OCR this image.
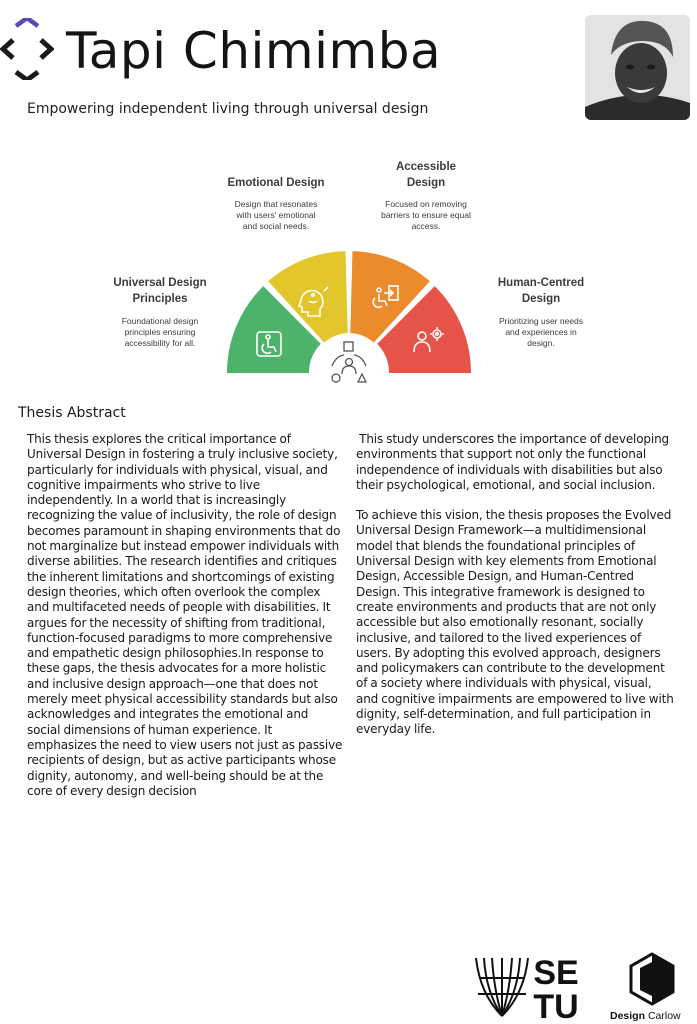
Tapi Chimimba
Empowering independent living through universal design
Universal Design
Principles
Foundational design
principles ensuring
accessibility for all.
Emotional Design
Design that resonates
with users' emotional
and social needs.
Accessible
Design
Focused on removing
barriers to ensure equal
access.
Human-Centred
Design
Prioritizing user needs
and experiences in
design.
Thesis Abstract

This thesis explores the critical importance of Universal Design in fostering a truly inclusive society, particularly for individuals with physical, visual, and cognitive impairments who strive to live independently. In a world that is increasingly recognizing the value of inclusivity, the role of design becomes paramount in shaping environments that do not marginalize but instead empower individuals with diverse abilities. The research identifies and critiques the inherent limitations and shortcomings of existing design theories, which often overlook the complex and multifaceted needs of people with disabilities. It argues for the necessity of shifting from traditional, function-focused paradigms to more comprehensive and empathetic design philosophies.In response to these gaps, the thesis advocates for a more holistic and inclusive design approach—one that does not merely meet physical accessibility standards but also acknowledges and integrates the emotional and social dimensions of human experience. It emphasizes the need to view users not just as passive recipients of design, but as active participants whose dignity, autonomy, and well-being should be at the core of every design decision

This study underscores the importance of developing environments that support not only the functional independence of individuals with disabilities but also their psychological, emotional, and social inclusion.

To achieve this vision, the thesis proposes the Evolved Universal Design Framework—a multidimensional model that blends the foundational principles of Universal Design with key elements from Emotional Design, Accessible Design, and Human-Centred Design. This integrative framework is designed to create environments and products that are not only accessible but also emotionally resonant, socially inclusive, and tailored to the lived experiences of users. By adopting this evolved approach, designers and policymakers can contribute to the development of a society where individuals with physical, visual, and cognitive impairments are empowered to live with dignity, self-determination, and full participation in everyday life.

SE
TU	Design Carlow
